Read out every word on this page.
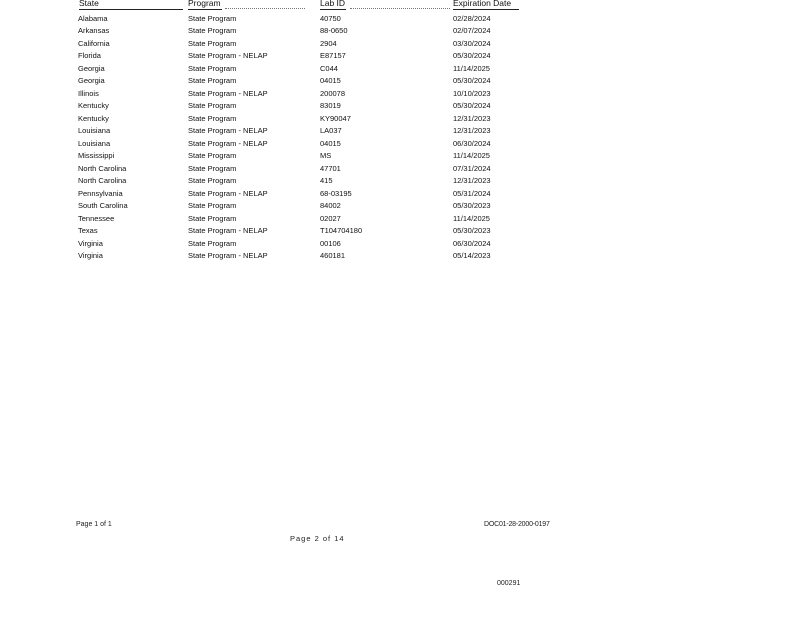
State	Program	Lab ID	Expiration Date
Alabama	State Program	40750	02/28/2024
Arkansas	State Program	88-0650	02/07/2024
California	State Program	2904	03/30/2024
Florida	State Program - NELAP	E87157	05/30/2024
Georgia	State Program	C044	11/14/2025
Georgia	State Program	04015	05/30/2024
Illinois	State Program - NELAP	200078	10/10/2023
Kentucky	State Program	83019	05/30/2024
Kentucky	State Program	KY90047	12/31/2023
Louisiana	State Program - NELAP	LA037	12/31/2023
Louisiana	State Program - NELAP	04015	06/30/2024
Mississippi	State Program	MS	11/14/2025
North Carolina	State Program	47701	07/31/2024
North Carolina	State Program	415	12/31/2023
Pennsylvania	State Program - NELAP	68-03195	05/31/2024
South Carolina	State Program	84002	05/30/2023
Tennessee	State Program	02027	11/14/2025
Texas	State Program - NELAP	T104704180	05/30/2023
Virginia	State Program	00106	06/30/2024
Virginia	State Program - NELAP	460181	05/14/2023
Page 1 of 1	DOC01-28-2000-0197
Page 2 of 14
000291
